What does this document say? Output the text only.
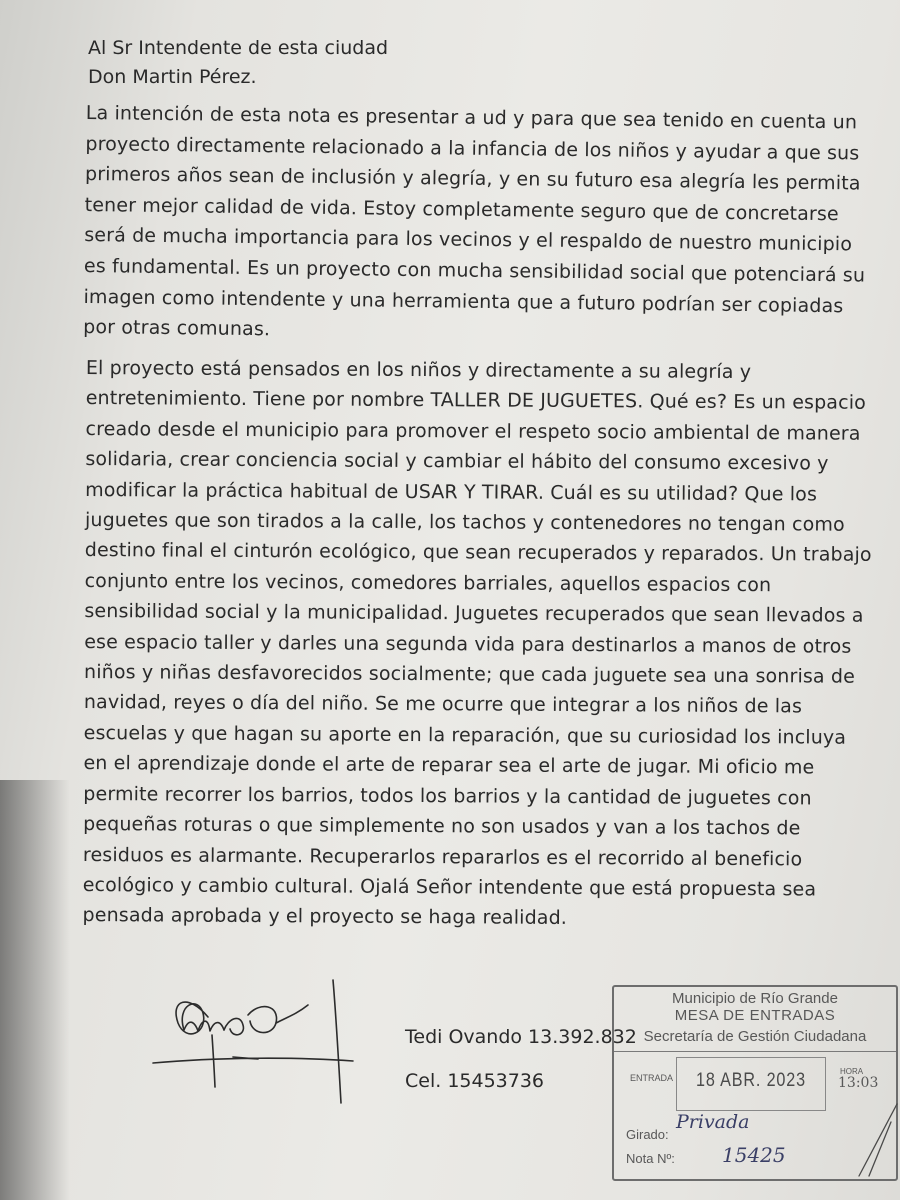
Al Sr Intendente de esta ciudad
Don Martin Pérez.
La intención de esta nota es presentar a ud y para que sea tenido en cuenta un proyecto directamente relacionado a la infancia de los niños y ayudar a que sus primeros años sean de inclusión y alegría, y en su futuro esa alegría les permita tener mejor calidad de vida. Estoy completamente seguro que de concretarse será de mucha importancia para los vecinos y el respaldo de nuestro municipio es fundamental. Es un proyecto con mucha sensibilidad social que potenciará su imagen como intendente y una herramienta que a futuro podrían ser copiadas por otras comunas.
El proyecto está pensados en los niños y directamente a su alegría y entretenimiento. Tiene por nombre TALLER DE JUGUETES. Qué es? Es un espacio creado desde el municipio para promover el respeto socio ambiental de manera solidaria, crear conciencia social y cambiar el hábito del consumo excesivo y modificar la práctica habitual de USAR Y TIRAR. Cuál es su utilidad? Que los juguetes que son tirados a la calle, los tachos y contenedores no tengan como destino final el cinturón ecológico, que sean recuperados y reparados. Un trabajo conjunto entre los vecinos, comedores barriales, aquellos espacios con sensibilidad social y la municipalidad. Juguetes recuperados que sean llevados a ese espacio taller y darles una segunda vida para destinarlos a manos de otros niños y niñas desfavorecidos socialmente; que cada juguete sea una sonrisa de navidad, reyes o día del niño. Se me ocurre que integrar a los niños de las escuelas y que hagan su aporte en la reparación, que su curiosidad los incluya en el aprendizaje donde el arte de reparar sea el arte de jugar. Mi oficio me permite recorrer los barrios, todos los barrios y la cantidad de juguetes con pequeñas roturas o que simplemente no son usados y van a los tachos de residuos es alarmante. Recuperarlos repararlos es el recorrido al beneficio ecológico y cambio cultural. Ojalá Señor intendente que está propuesta sea pensada aprobada y el proyecto se haga realidad.
Tedi Ovando 13.392.832
Cel. 15453736
Municipio de Río Grande
MESA DE ENTRADAS
Secretaría de Gestión Ciudadana
ENTRADA	18 ABR. 2023	HORA
13:03
Girado:
Privada
Nota Nº: 15425
